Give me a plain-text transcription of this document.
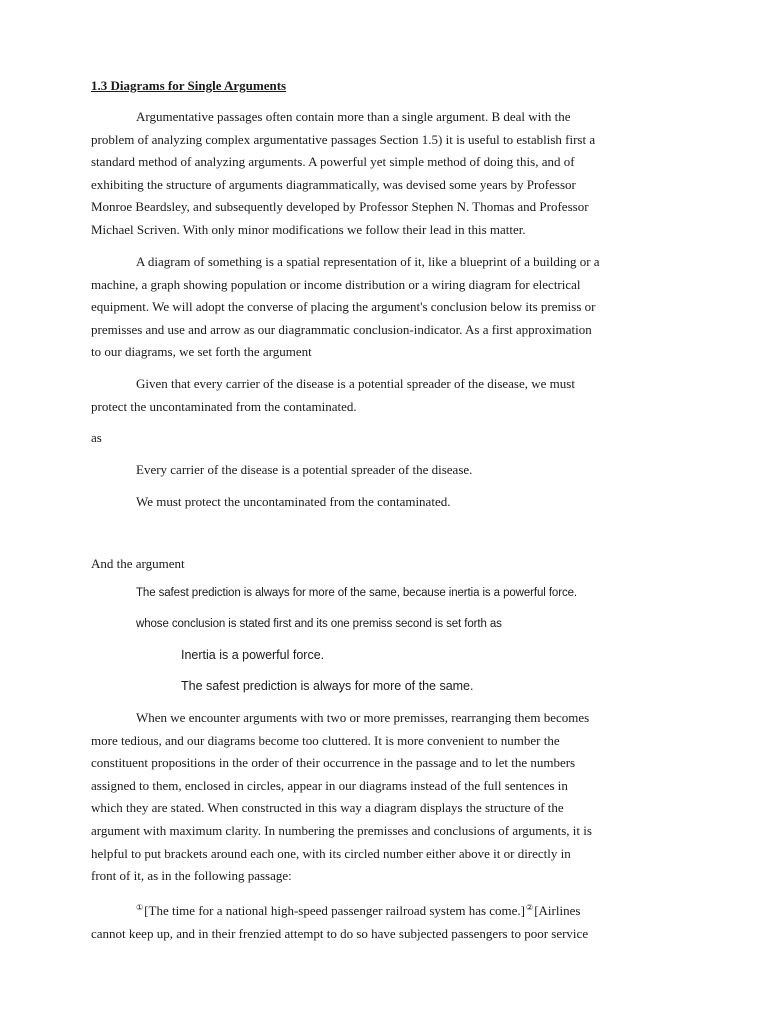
1.3 Diagrams for Single Arguments

Argumentative passages often contain more than a single argument. B deal with the
problem of analyzing complex argumentative passages Section 1.5) it is useful to establish first a
standard method of analyzing arguments. A powerful yet simple method of doing this, and of
exhibiting the structure of arguments diagrammatically, was devised some years by Professor
Monroe Beardsley, and subsequently developed by Professor Stephen N. Thomas and Professor
Michael Scriven. With only minor modifications we follow their lead in this matter.

A diagram of something is a spatial representation of it, like a blueprint of a building or a
machine, a graph showing population or income distribution or a wiring diagram for electrical
equipment. We will adopt the converse of placing the argument's conclusion below its premiss or
premisses and use and arrow as our diagrammatic conclusion-indicator. As a first approximation
to our diagrams, we set forth the argument

Given that every carrier of the disease is a potential spreader of the disease, we must
protect the uncontaminated from the contaminated.

as
Every carrier of the disease is a potential spreader of the disease.
We must protect the uncontaminated from the contaminated.
And the argument
The safest prediction is always for more of the same, because inertia is a powerful force.
whose conclusion is stated first and its one premiss second is set forth as
Inertia is a powerful force.
The safest prediction is always for more of the same.

When we encounter arguments with two or more premisses, rearranging them becomes
more tedious, and our diagrams become too cluttered. It is more convenient to number the
constituent propositions in the order of their occurrence in the passage and to let the numbers
assigned to them, enclosed in circles, appear in our diagrams instead of the full sentences in
which they are stated. When constructed in this way a diagram displays the structure of the
argument with maximum clarity. In numbering the premisses and conclusions of arguments, it is
helpful to put brackets around each one, with its circled number either above it or directly in
front of it, as in the following passage:

①[The time for a national high-speed passenger railroad system has come.]②[Airlines
cannot keep up, and in their frenzied attempt to do so have subjected passengers to poor service
